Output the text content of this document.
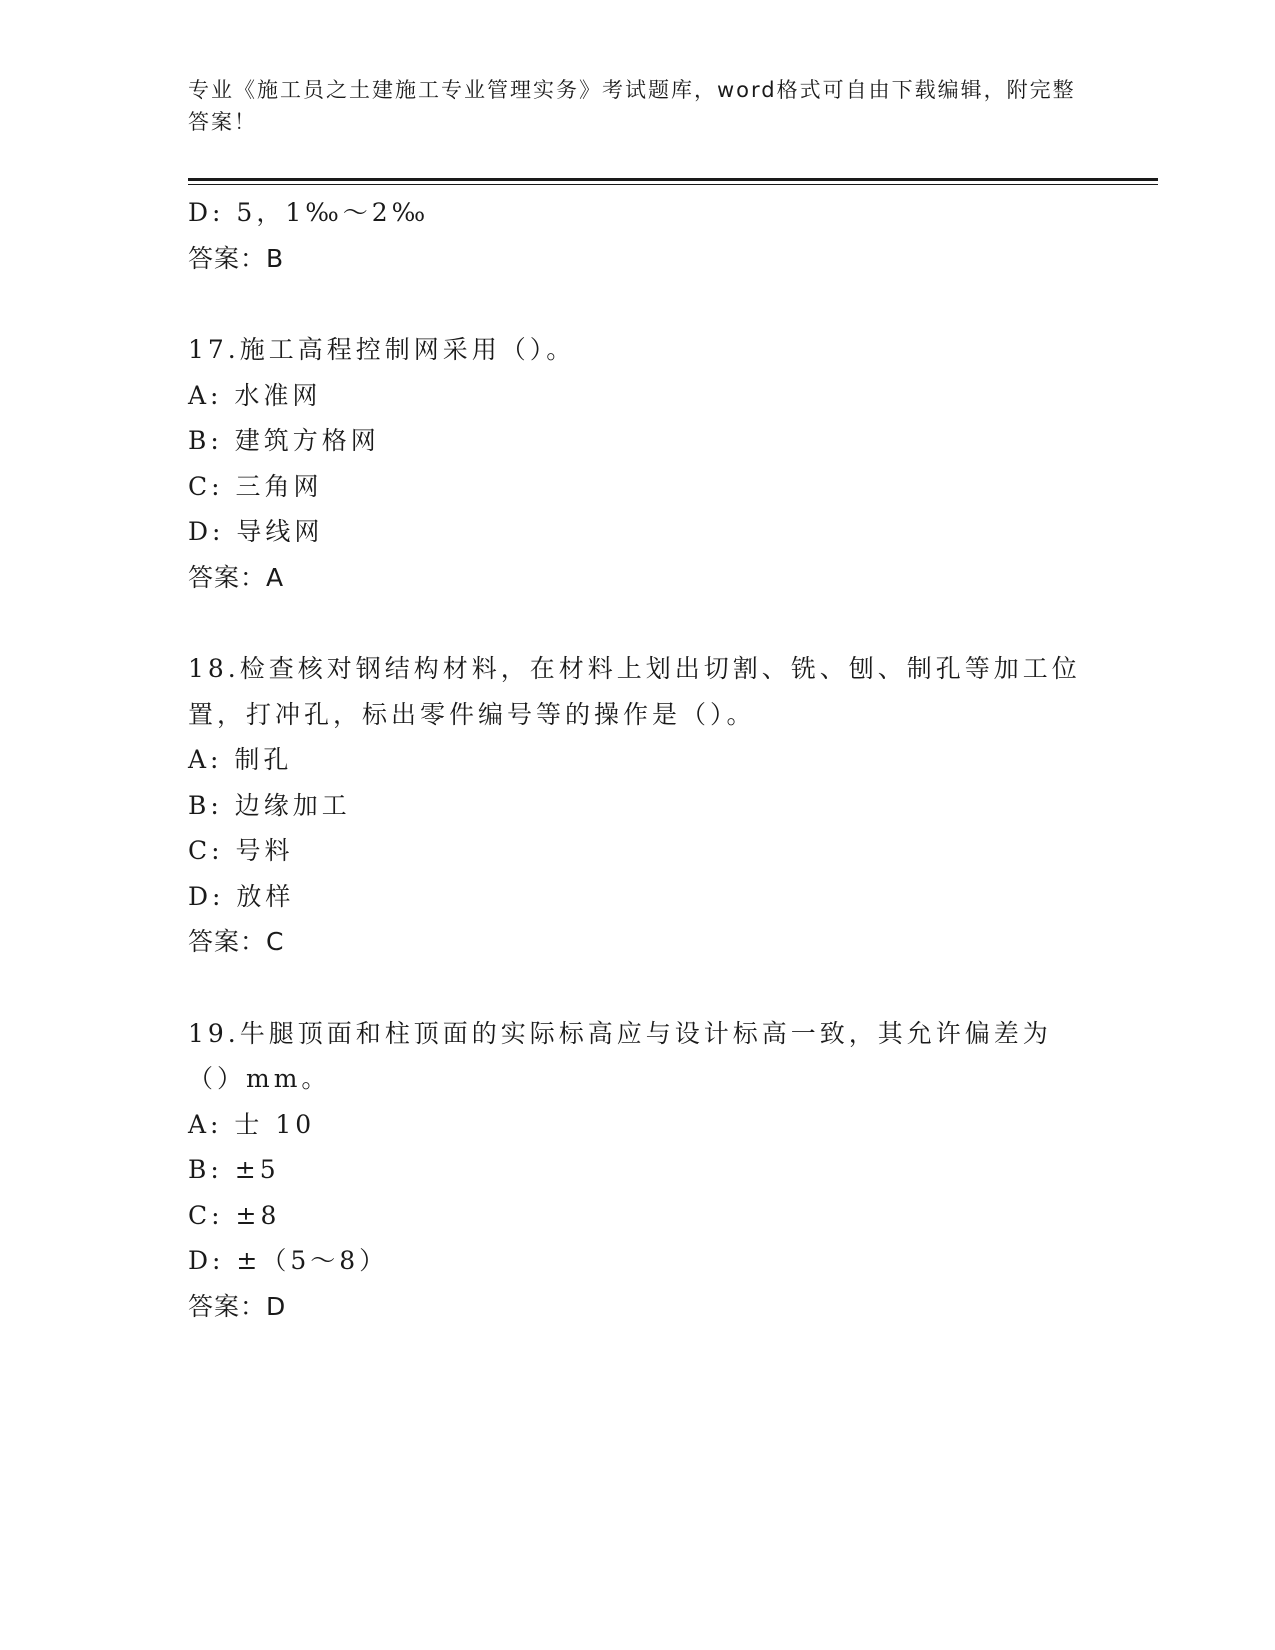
专业《施工员之土建施工专业管理实务》考试题库，word格式可自由下载编辑，附完整答案！
D: 5，1‰～2‰
答案：B
17.施工高程控制网采用（）。
A: 水准网
B: 建筑方格网
C: 三角网
D: 导线网
答案：A
18.检查核对钢结构材料，在材料上划出切割、铣、刨、制孔等加工位置，打冲孔，标出零件编号等的操作是（）。
A: 制孔
B: 边缘加工
C: 号料
D: 放样
答案：C
19.牛腿顶面和柱顶面的实际标高应与设计标高一致，其允许偏差为（）mm。
A: 士 10
B: ±5
C: ±8
D: ±（5～8）
答案：D
